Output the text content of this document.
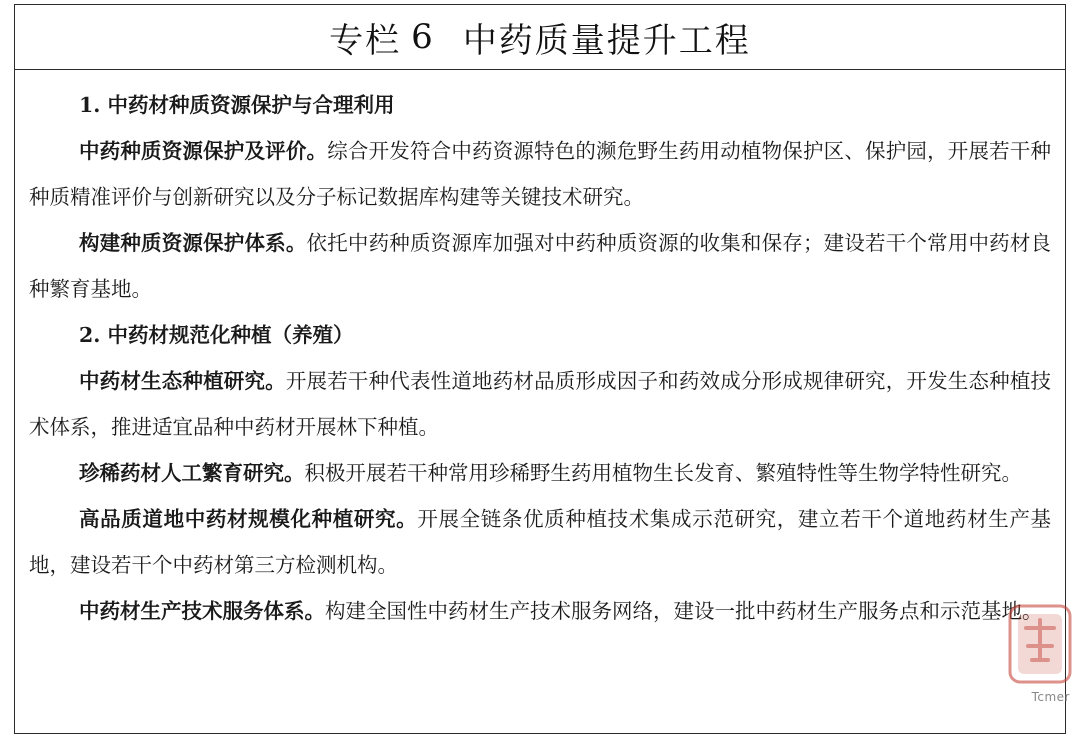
专栏 6 中药质量提升工程

1. 中药材种质资源保护与合理利用

中药种质资源保护及评价。综合开发符合中药资源特色的濒危野生药用动植物保护区、保护园，开展若干种种质精准评价与创新研究以及分子标记数据库构建等关键技术研究。

构建种质资源保护体系。依托中药种质资源库加强对中药种质资源的收集和保存；建设若干个常用中药材良种繁育基地。

2. 中药材规范化种植（养殖）

中药材生态种植研究。开展若干种代表性道地药材品质形成因子和药效成分形成规律研究，开发生态种植技术体系，推进适宜品种中药材开展林下种植。

珍稀药材人工繁育研究。积极开展若干种常用珍稀野生药用植物生长发育、繁殖特性等生物学特性研究。

高品质道地中药材规模化种植研究。开展全链条优质种植技术集成示范研究，建立若干个道地药材生产基地，建设若干个中药材第三方检测机构。

中药材生产技术服务体系。构建全国性中药材生产技术服务网络，建设一批中药材生产服务点和示范基地。

Tcmer
